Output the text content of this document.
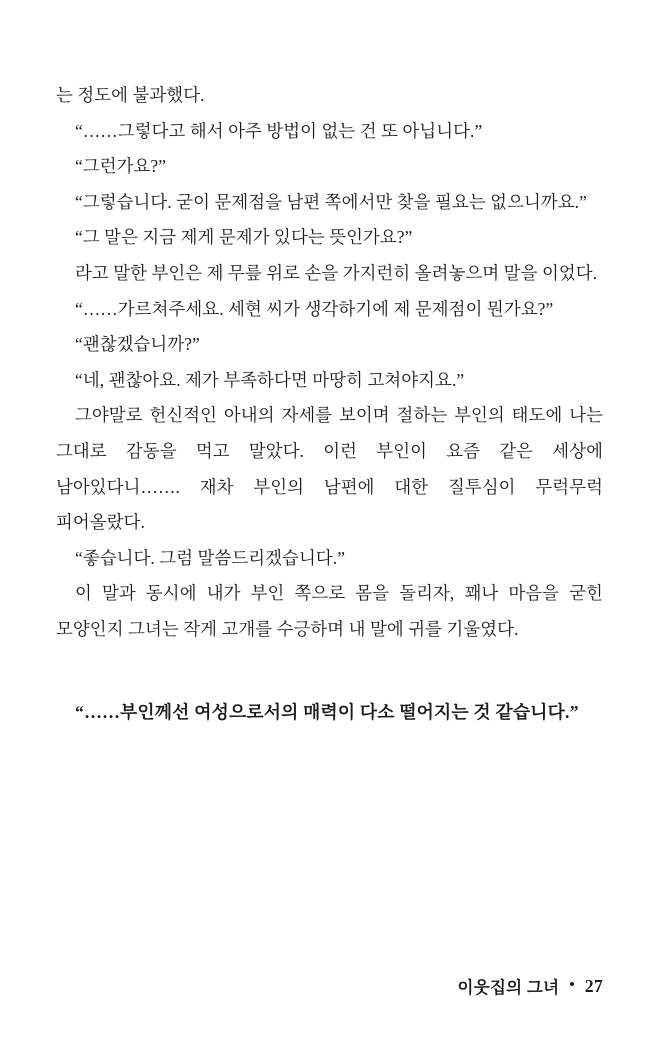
는 정도에 불과했다.

“……그렇다고 해서 아주 방법이 없는 건 또 아닙니다.”

“그런가요?”

“그렇습니다. 굳이 문제점을 남편 쪽에서만 찾을 필요는 없으니까요.”

“그 말은 지금 제게 문제가 있다는 뜻인가요?”

라고 말한 부인은 제 무릎 위로 손을 가지런히 올려놓으며 말을 이었다.

“……가르쳐주세요. 세현 씨가 생각하기에 제 문제점이 뭔가요?”

“괜찮겠습니까?”

“네, 괜찮아요. 제가 부족하다면 마땅히 고쳐야지요.”

그야말로 헌신적인 아내의 자세를 보이며 절하는 부인의 태도에 나는 그대로 감동을 먹고 말았다. 이런 부인이 요즘 같은 세상에 남아있다니……. 재차 부인의 남편에 대한 질투심이 무럭무럭 피어올랐다.

“좋습니다. 그럼 말씀드리겠습니다.”

이 말과 동시에 내가 부인 쪽으로 몸을 돌리자, 꽤나 마음을 굳힌 모양인지 그녀는 작게 고개를 수긍하며 내 말에 귀를 기울였다.

“……부인께선 여성으로서의 매력이 다소 떨어지는 것 같습니다.”
이웃집의 그녀 • 27
